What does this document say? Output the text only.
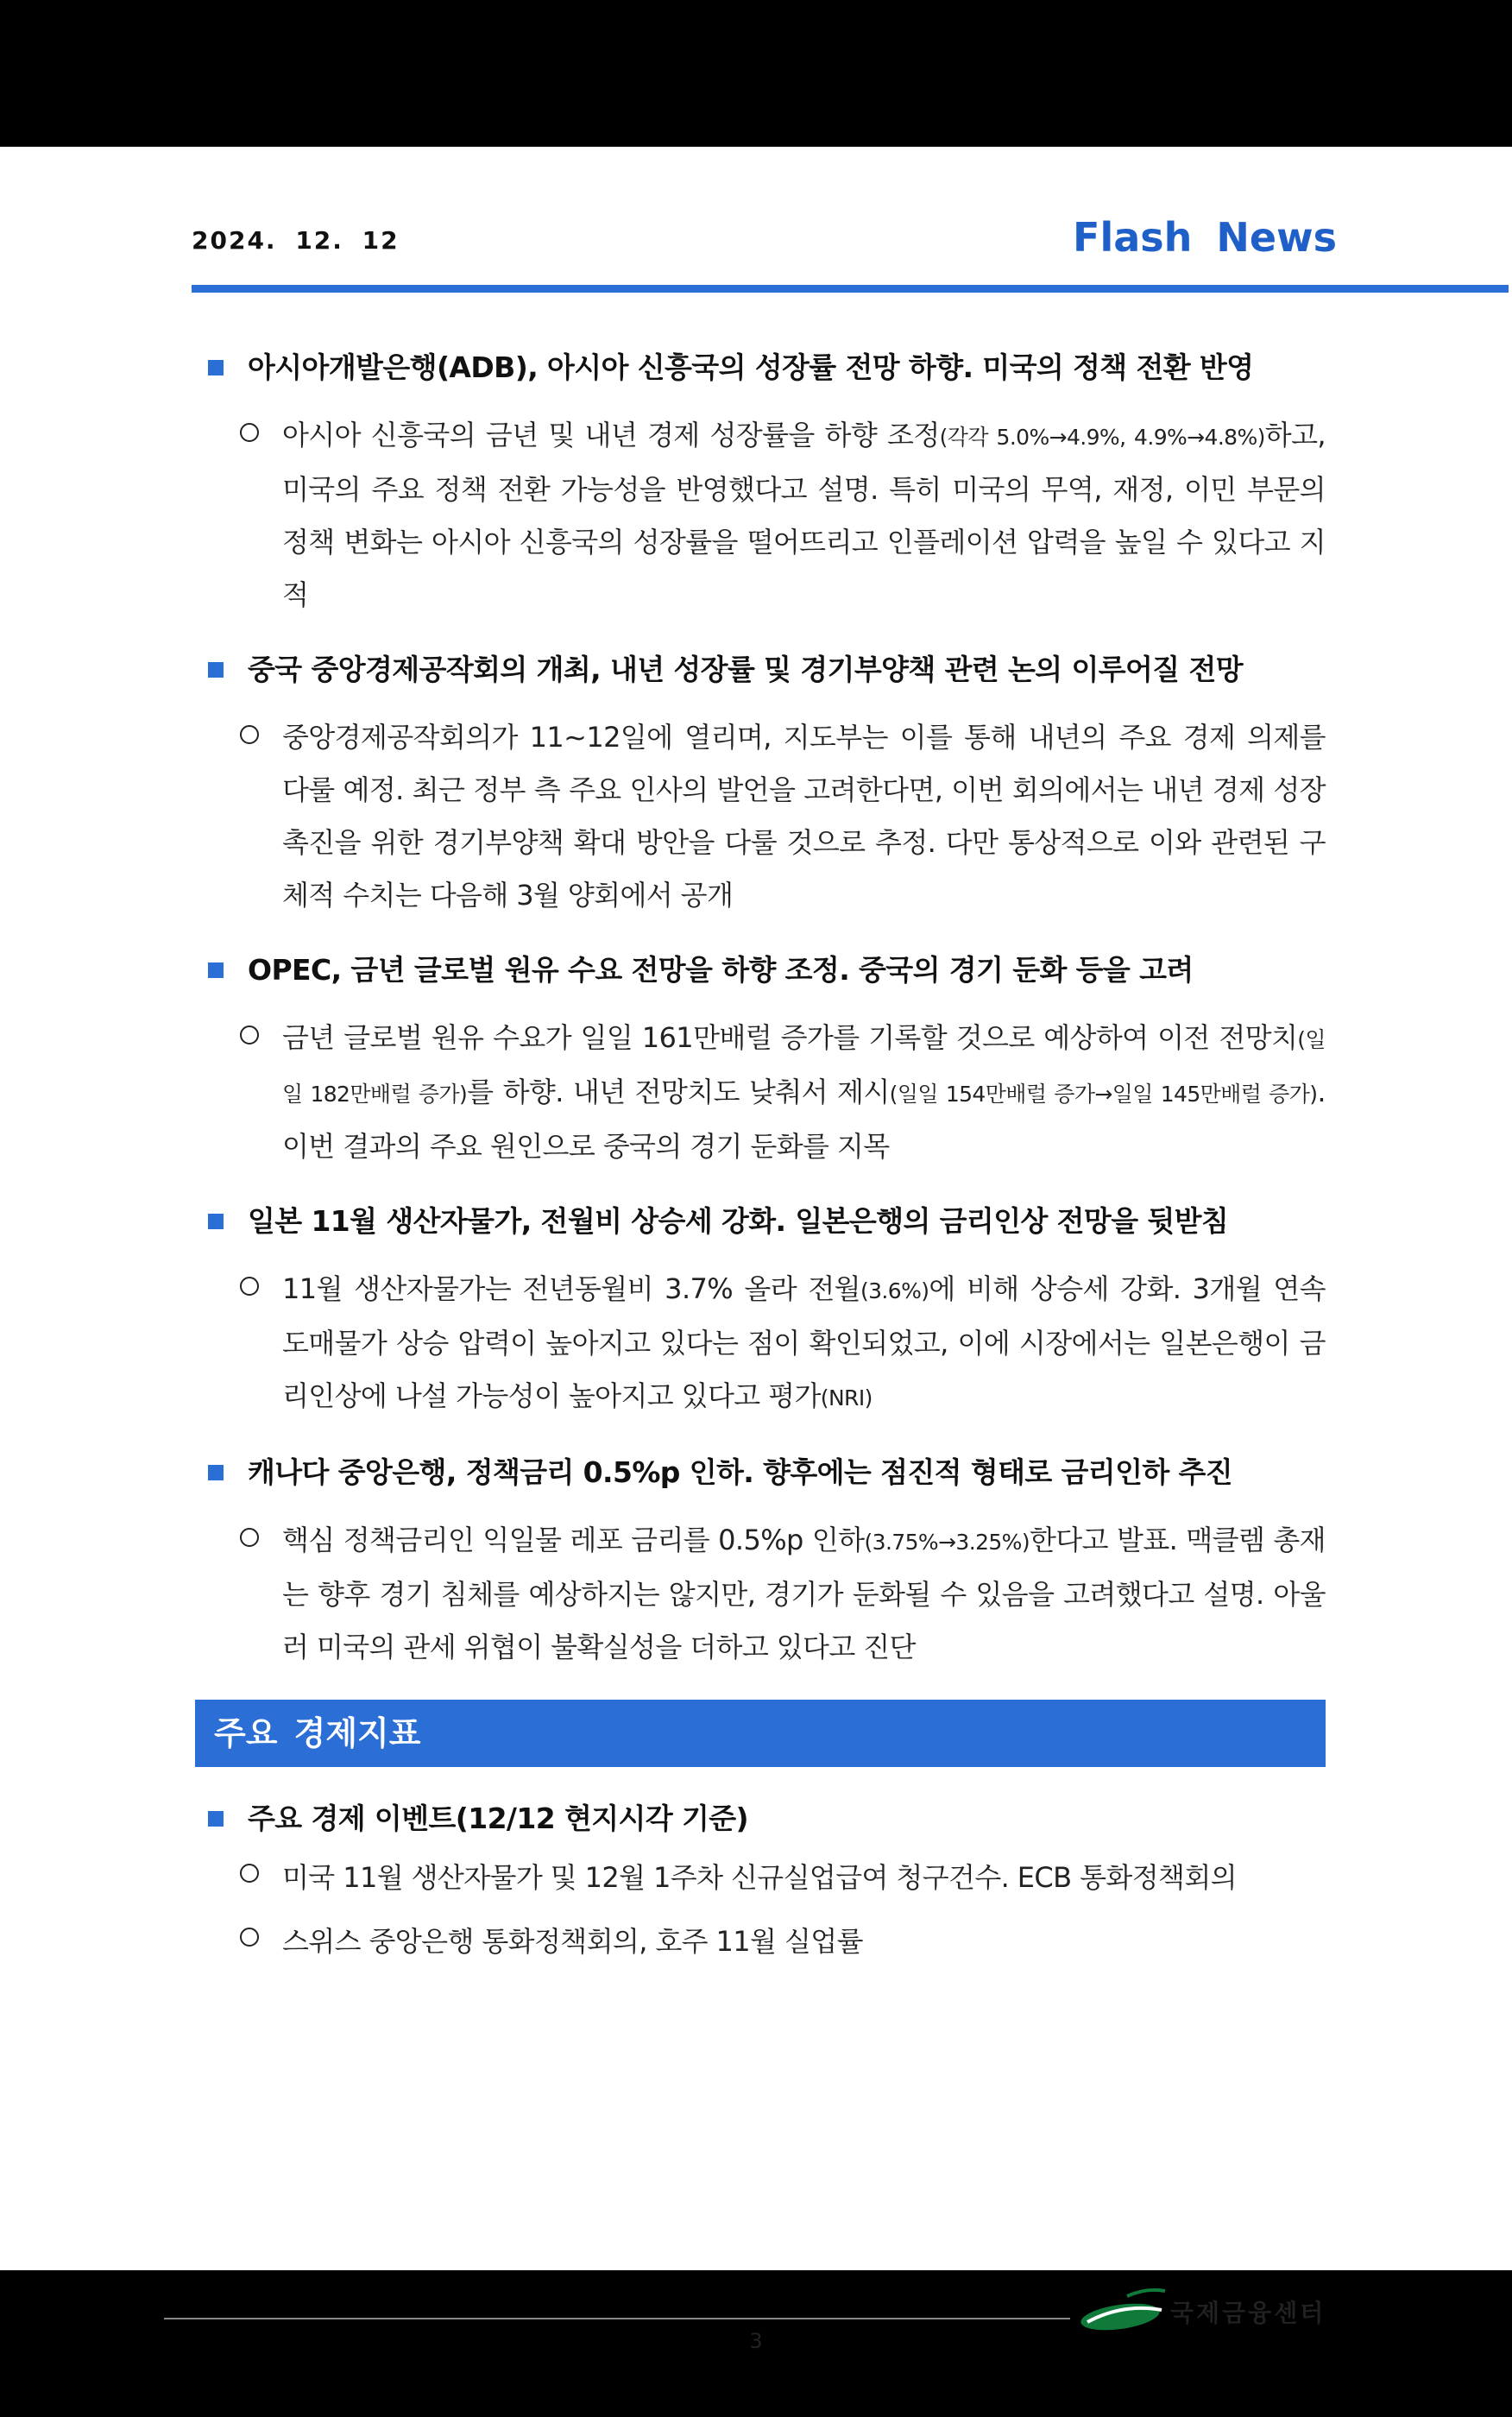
2024. 12. 12	Flash News
아시아개발은행(ADB), 아시아 신흥국의 성장률 전망 하향. 미국의 정책 전환 반영
아시아 신흥국의 금년 및 내년 경제 성장률을 하향 조정(각각 5.0%→4.9%, 4.9%→4.8%)하고, 미국의 주요 정책 전환 가능성을 반영했다고 설명. 특히 미국의 무역, 재정, 이민 부문의 정책 변화는 아시아 신흥국의 성장률을 떨어뜨리고 인플레이션 압력을 높일 수 있다고 지적
중국 중앙경제공작회의 개최, 내년 성장률 및 경기부양책 관련 논의 이루어질 전망
중앙경제공작회의가 11~12일에 열리며, 지도부는 이를 통해 내년의 주요 경제 의제를 다룰 예정. 최근 정부 측 주요 인사의 발언을 고려한다면, 이번 회의에서는 내년 경제 성장 촉진을 위한 경기부양책 확대 방안을 다룰 것으로 추정. 다만 통상적으로 이와 관련된 구체적 수치는 다음해 3월 양회에서 공개
OPEC, 금년 글로벌 원유 수요 전망을 하향 조정. 중국의 경기 둔화 등을 고려
금년 글로벌 원유 수요가 일일 161만배럴 증가를 기록할 것으로 예상하여 이전 전망치(일일 182만배럴 증가)를 하향. 내년 전망치도 낮춰서 제시(일일 154만배럴 증가→일일 145만배럴 증가). 이번 결과의 주요 원인으로 중국의 경기 둔화를 지목
일본 11월 생산자물가, 전월비 상승세 강화. 일본은행의 금리인상 전망을 뒷받침
11월 생산자물가는 전년동월비 3.7% 올라 전월(3.6%)에 비해 상승세 강화. 3개월 연속 도매물가 상승 압력이 높아지고 있다는 점이 확인되었고, 이에 시장에서는 일본은행이 금리인상에 나설 가능성이 높아지고 있다고 평가(NRI)
캐나다 중앙은행, 정책금리 0.5%p 인하. 향후에는 점진적 형태로 금리인하 추진
핵심 정책금리인 익일물 레포 금리를 0.5%p 인하(3.75%→3.25%)한다고 발표. 맥클렘 총재는 향후 경기 침체를 예상하지는 않지만, 경기가 둔화될 수 있음을 고려했다고 설명. 아울러 미국의 관세 위협이 불확실성을 더하고 있다고 진단
주요 경제지표
주요 경제 이벤트(12/12 현지시각 기준)
미국 11월 생산자물가 및 12월 1주차 신규실업급여 청구건수. ECB 통화정책회의
스위스 중앙은행 통화정책회의, 호주 11월 실업률
국제금융센터
3
